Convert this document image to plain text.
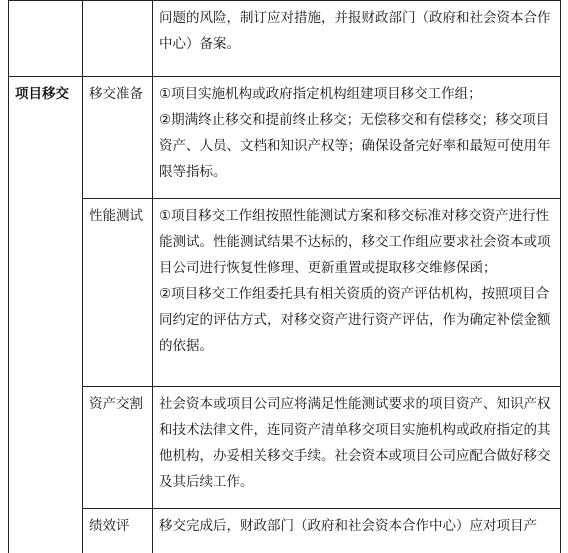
		问题的风险，制订应对措施，并报财政部门（政府和社会资本合作中心）备案。

项目移交	移交准备	①项目实施机构或政府指定机构组建项目移交工作组；

②期满终止移交和提前终止移交；无偿移交和有偿移交；移交项目资产、人员、文档和知识产权等；确保设备完好率和最短可使用年限等指标。

	性能测试	①项目移交工作组按照性能测试方案和移交标准对移交资产进行性能测试。性能测试结果不达标的，移交工作组应要求社会资本或项目公司进行恢复性修理、更新重置或提取移交维修保函；

②项目移交工作组委托具有相关资质的资产评估机构，按照项目合同约定的评估方式，对移交资产进行资产评估，作为确定补偿金额的依据。

	资产交割	社会资本或项目公司应将满足性能测试要求的项目资产、知识产权和技术法律文件，连同资产清单移交项目实施机构或政府指定的其他机构，办妥相关移交手续。社会资本或项目公司应配合做好移交及其后续工作。

	绩效评	移交完成后，财政部门（政府和社会资本合作中心）应对项目产
